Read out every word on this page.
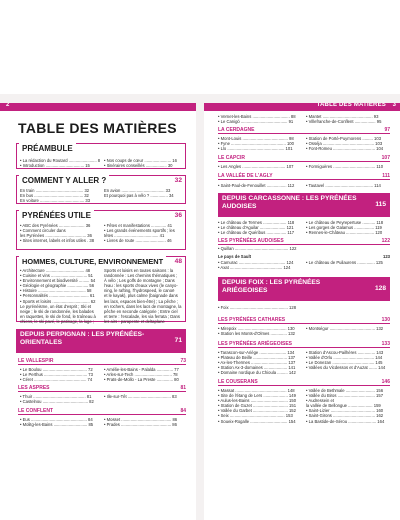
2
TABLE DES MATIÈRES
PRÉAMBULE
• La rédaction du Routard ........................ 8
• Introduction ................................. 15
• Nos coups de cœur ....................... 16
• Itinéraires conseillés .................. 30
COMMENT Y ALLER ?	32
En train ......................................... 32
En bus .......................................... 32
En voiture ...................................... 33
En avion ..................................... 33
Et pourquoi pas à vélo ? ............... 34
PYRÉNÉES UTILE	36
• ABC des Pyrénées ...................... 36
• Comment circuler dans
les Pyrénées ................................... 36
• Sites internet, labels et infos utiles . 38
• Fêtes et manifestations ............. 41
• Les grands événements sportifs ; les
tétes ...................................... 41
• Livres de route .......................... 46
HOMMES, CULTURE, ENVIRONNEMENT	48
• Architecture ................................. 48
• Cuisine et vins ............................... 51
• Environnement et biodiversité ......... 54
• Géologie et géographie .................. 56
• Histoire ......................................... 58
• Personnalités .................................. 61
• Sports et loisirs ................................ 62
Le pyrénéisme, un état d'esprit ; Ski et
neige ; le ski de randonnée, les balades
en raquettes, le ski de fond, le traîneau à
chiens, le ski pavé, le patinage, la luge ;
Sports et loisirs en toutes saisons : la
randonnée : Les chemins thématiques ;
À vélo ; Les golfs de montagne ; Dans
l'eau : les sports d'eaux vives (le canyo-
ning, le rafting, l'hydrospeed, le canoë
et le kayak), plus calme (baignade dans
les lacs, espaces bien-être) ; La pêche ;
en rochers, dans les lacs de montagne, la
pêche en seconde catégorie ; Entre ciel
et terre : l'escalade, les via ferrata ; Dans
les airs : parapente et deltaplane
DEPUIS PERPIGNAN : LES PYRÉNÉES-ORIENTALES	71
LE VALLESPIR	73
• Le Boulou ...................................... 72
• Le Perthus ..................................... 73
• Céret ............................................. 74
• Amélie-les-Bains - Palalda .............. 77
• Arles-sur-Tech ................................ 78
• Prats-de-Mollo - La Preste .............. 80
LES ASPRES	81
• Thuir ............................................. 81
• Castelnou ....................................... 82
• Ille-sur-Têt ..................................... 83
LE CONFLENT	84
• Eus ................................................ 84
• Molitg-les-Bains ............................. 85
• Mosset ........................................... 86
• Prades ........................................... 86
TABLE DES MATIÈRES 3
• Vernet-les-Bains ................................ 88
• Le Canigó ........................................ 91
• Mantet ........................................... 93
• Villefranche-de-Conflent .................. 95
LA CERDAGNE	97
• Mont-Louis ....................................... 98
• Fyne ............................................... 100
• Llo ................................................. 101
• Station de Portè-Puymorens ......... 103
• Osséja ............................................ 103
• Font-Romeu .................................... 104
LE CAPCIR	107
• Les Angles ..................................... 107	• Formiguères .................................... 110
LA VALLÉE DE L'AGLY	111
• Saint-Paul-de-Fenouillet ................. 112	• Tautavel ......................................... 114
DEPUIS CARCASSONNE : LES PYRÉNÉES AUDOISES	115
• Le château de Termes .................... 118
• Le château d'Aguilar ...................... 121
• Le château de Quéribus ................. 117
• Le château de Peyrepertuse ........... 118
• Les gorges de Galamus ................. 119
• Rennes-le-Château ........................ 120
LES PYRÉNÉES AUDOISES	122
• Quillan .............................................. 122
Le pays de Sault	123
• Camurac ........................................ 124
• Axat ............................................. 124
• Le château de Puilaurens ............... 125
DEPUIS FOIX : LES PYRÉNÉES ARIÉGEOISES	128
• Foix .................................................. 128
LES PYRÉNÉES CATHARES	130
• Mirepoix .......................................... 130
• Station les Monts-d'Olmes .............. 132
• Montségur ....................................... 132
LES PYRÉNÉES ARIÉGEOISES	133
• Tarascon-sur-Ariège ....................... 134
• Plateau de Beille ............................. 137
• Ax-les-Thermes ............................... 137
• Station Ax-3-domaines .................... 141
• Domaine nordique du Chioula ......... 142
• Station d'Ascou-Pailhères ............... 143
• Vallée d'Orlu ................................... 144
• Le Donezan .................................... 145
• Vallées du Vicdessos et d'Auzat ....... 144
LE COUSERANS	146
• Massat ............................................ 148
• Site de l'étang de Lers ..................... 149
• Aulus-les-Bains ................................ 150
• Station de Guzet .............................. 151
• Vallée du Garbet .............................. 152
• Seix ............................................... 153
• Soueix-Rogalle ................................ 154
• Vallée de Bethmale ......................... 156
• Vallée du Biros ................................ 157
• Audressein et
la vallée de Bellongue ..................... 159
• Saint-Lizier ...................................... 160
• Saint-Girons .................................... 162
• La Bastide-de-Sérou ........................ 164
